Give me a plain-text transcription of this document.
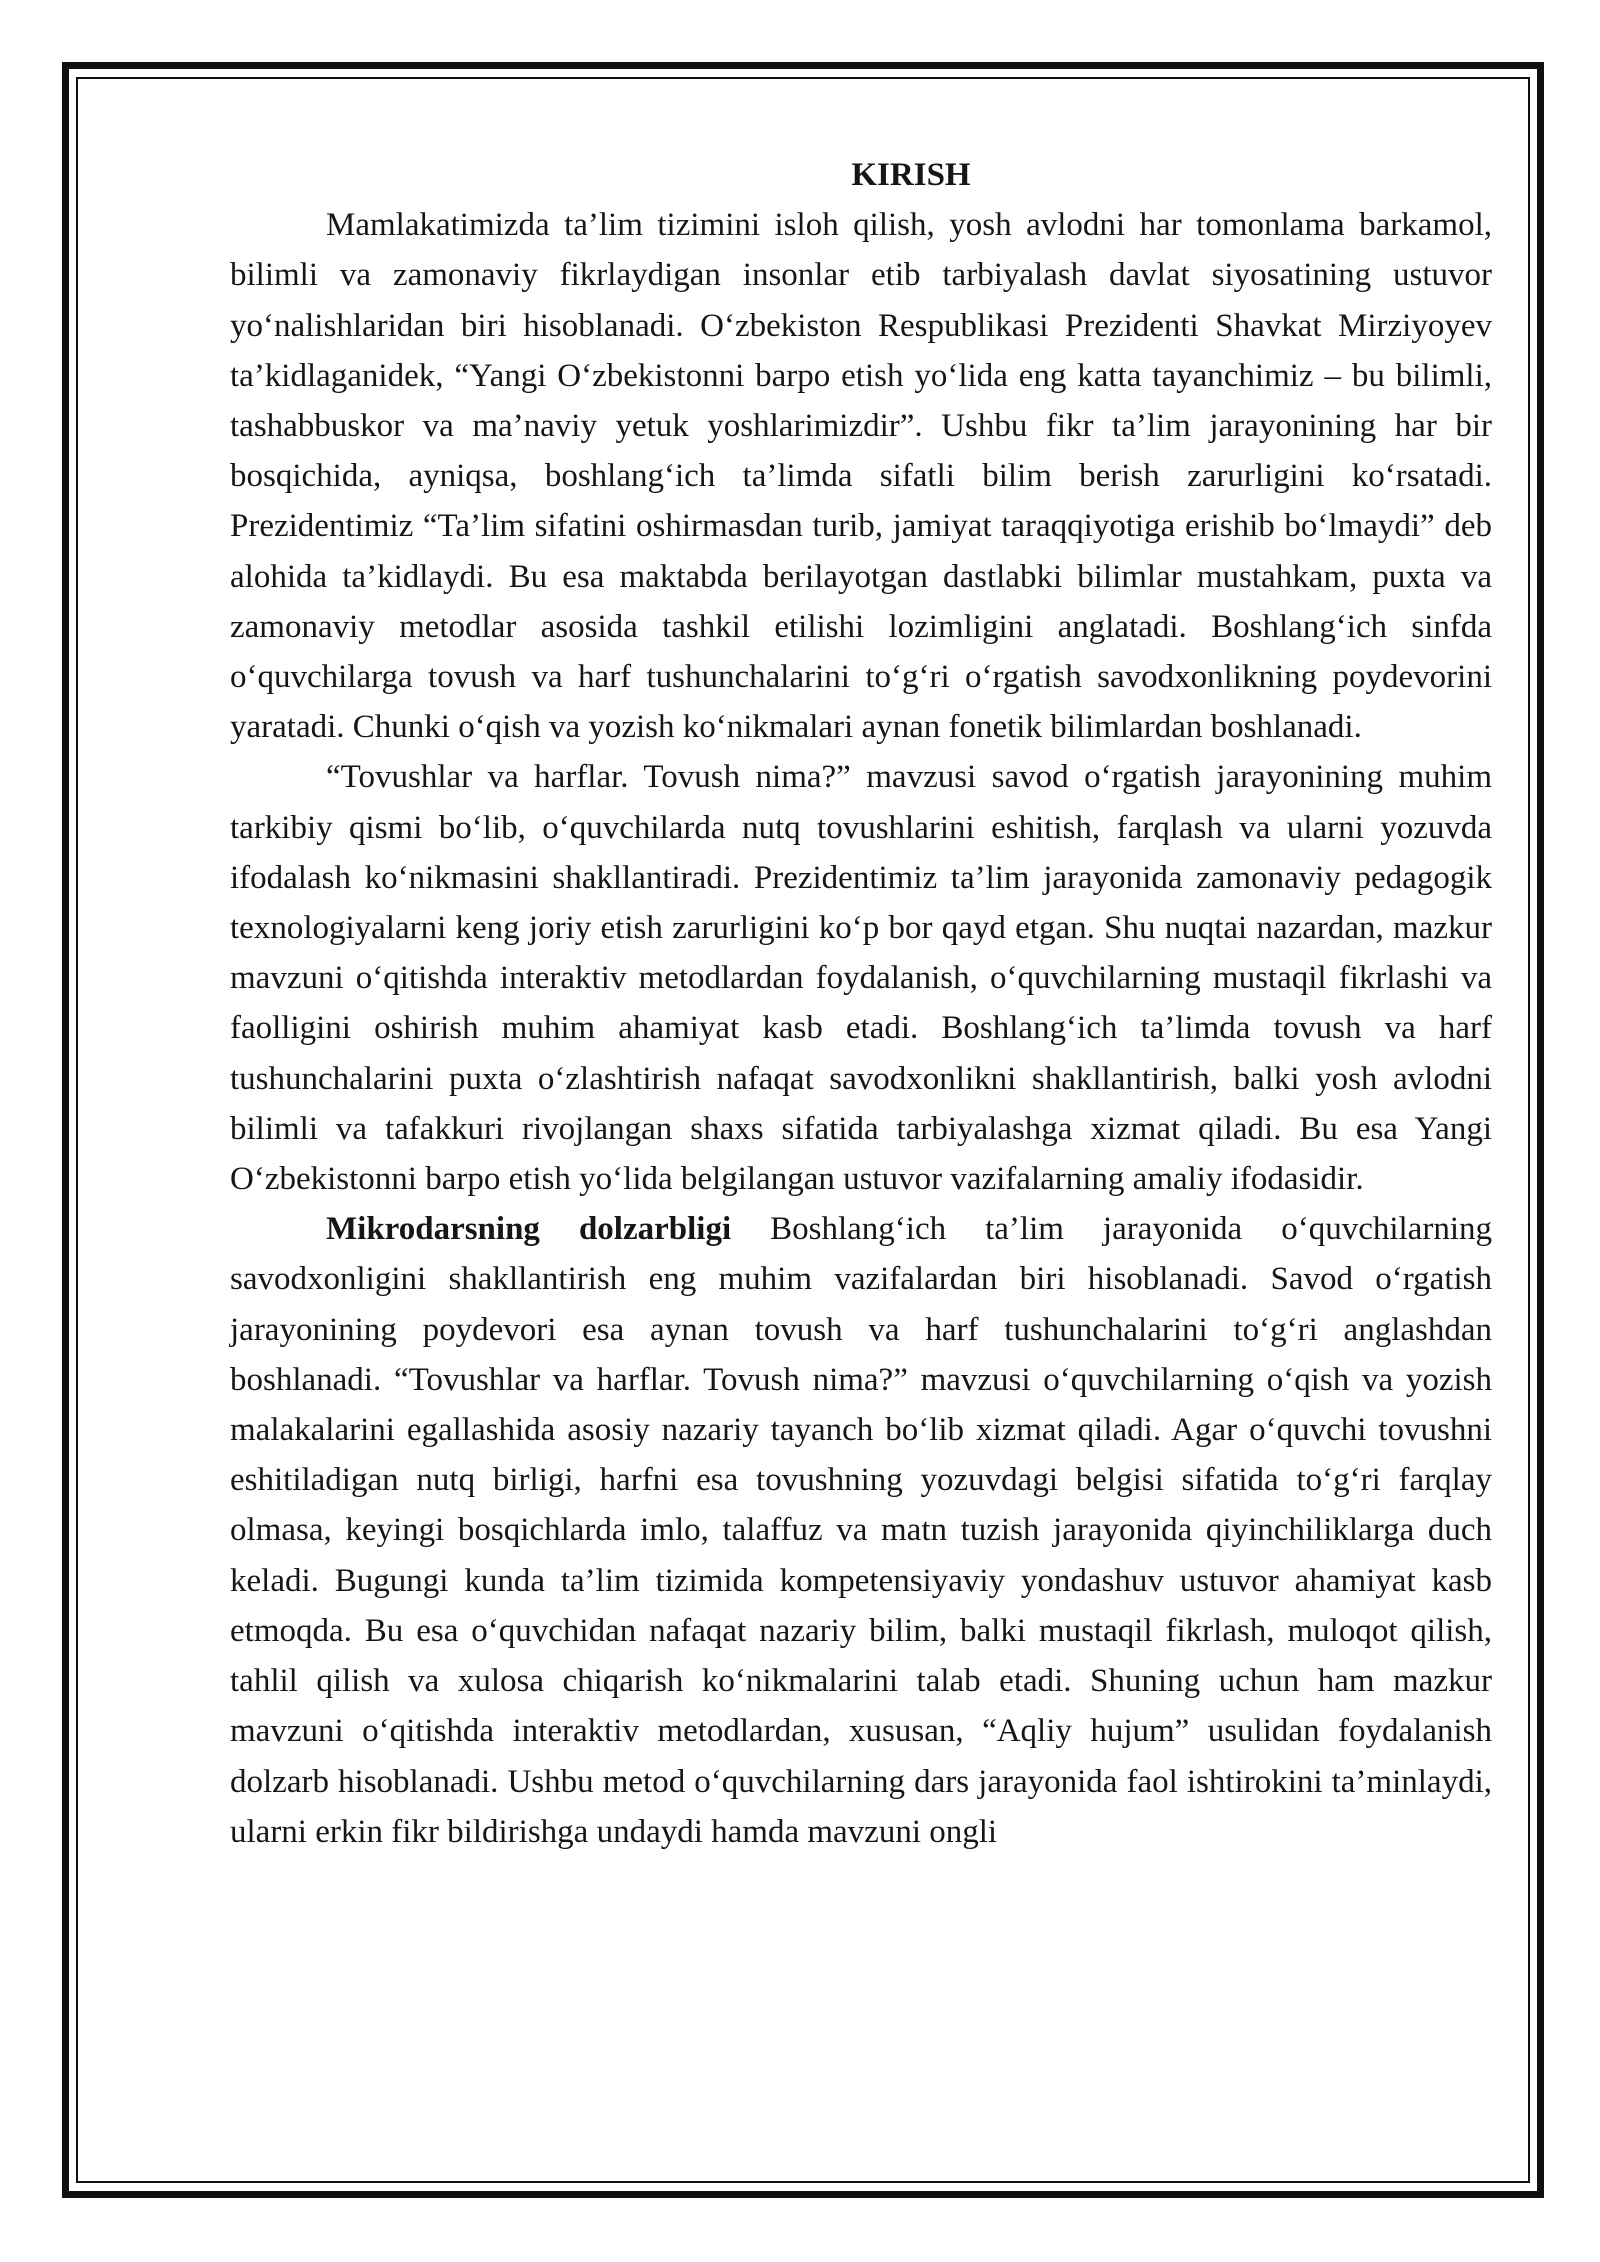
KIRISH

Mamlakatimizda ta’lim tizimini isloh qilish, yosh avlodni har tomonlama barkamol, bilimli va zamonaviy fikrlaydigan insonlar etib tarbiyalash davlat siyosatining ustuvor yo‘nalishlaridan biri hisoblanadi. O‘zbekiston Respublikasi Prezidenti Shavkat Mirziyoyev ta’kidlaganidek, “Yangi O‘zbekistonni barpo etish yo‘lida eng katta tayanchimiz – bu bilimli, tashabbuskor va ma’naviy yetuk yoshlarimizdir”. Ushbu fikr ta’lim jarayonining har bir bosqichida, ayniqsa, boshlang‘ich ta’limda sifatli bilim berish zarurligini ko‘rsatadi. Prezidentimiz “Ta’lim sifatini oshirmasdan turib, jamiyat taraqqiyotiga erishib bo‘lmaydi” deb alohida ta’kidlaydi. Bu esa maktabda berilayotgan dastlabki bilimlar mustahkam, puxta va zamonaviy metodlar asosida tashkil etilishi lozimligini anglatadi. Boshlang‘ich sinfda o‘quvchilarga tovush va harf tushunchalarini to‘g‘ri o‘rgatish savodxonlikning poydevorini yaratadi. Chunki o‘qish va yozish ko‘nikmalari aynan fonetik bilimlardan boshlanadi.

“Tovushlar va harflar. Tovush nima?” mavzusi savod o‘rgatish jarayonining muhim tarkibiy qismi bo‘lib, o‘quvchilarda nutq tovushlarini eshitish, farqlash va ularni yozuvda ifodalash ko‘nikmasini shakllantiradi. Prezidentimiz ta’lim jarayonida zamonaviy pedagogik texnologiyalarni keng joriy etish zarurligini ko‘p bor qayd etgan. Shu nuqtai nazardan, mazkur mavzuni o‘qitishda interaktiv metodlardan foydalanish, o‘quvchilarning mustaqil fikrlashi va faolligini oshirish muhim ahamiyat kasb etadi. Boshlang‘ich ta’limda tovush va harf tushunchalarini puxta o‘zlashtirish nafaqat savodxonlikni shakllantirish, balki yosh avlodni bilimli va tafakkuri rivojlangan shaxs sifatida tarbiyalashga xizmat qiladi. Bu esa Yangi O‘zbekistonni barpo etish yo‘lida belgilangan ustuvor vazifalarning amaliy ifodasidir.

Mikrodarsning dolzarbligi Boshlang‘ich ta’lim jarayonida o‘quvchilarning savodxonligini shakllantirish eng muhim vazifalardan biri hisoblanadi. Savod o‘rgatish jarayonining poydevori esa aynan tovush va harf tushunchalarini to‘g‘ri anglashdan boshlanadi. “Tovushlar va harflar. Tovush nima?” mavzusi o‘quvchilarning o‘qish va yozish malakalarini egallashida asosiy nazariy tayanch bo‘lib xizmat qiladi. Agar o‘quvchi tovushni eshitiladigan nutq birligi, harfni esa tovushning yozuvdagi belgisi sifatida to‘g‘ri farqlay olmasa, keyingi bosqichlarda imlo, talaffuz va matn tuzish jarayonida qiyinchiliklarga duch keladi. Bugungi kunda ta’lim tizimida kompetensiyaviy yondashuv ustuvor ahamiyat kasb etmoqda. Bu esa o‘quvchidan nafaqat nazariy bilim, balki mustaqil fikrlash, muloqot qilish, tahlil qilish va xulosa chiqarish ko‘nikmalarini talab etadi. Shuning uchun ham mazkur mavzuni o‘qitishda interaktiv metodlardan, xususan, “Aqliy hujum” usulidan foydalanish dolzarb hisoblanadi. Ushbu metod o‘quvchilarning dars jarayonida faol ishtirokini ta’minlaydi, ularni erkin fikr bildirishga undaydi hamda mavzuni ongli
